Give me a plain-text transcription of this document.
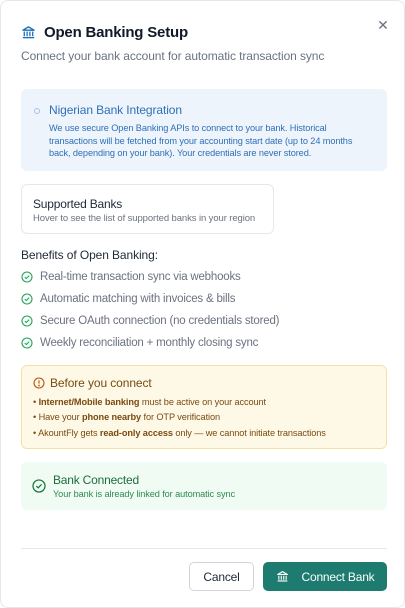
✕
Open Banking Setup
Connect your bank account for automatic transaction sync
Nigerian Bank Integration
We use secure Open Banking APIs to connect to your bank. Historical transactions will be fetched from your accounting start date (up to 24 months back, depending on your bank). Your credentials are never stored.
Supported Banks
Hover to see the list of supported banks in your region
Benefits of Open Banking:
Real-time transaction sync via webhooks
Automatic matching with invoices & bills
Secure OAuth connection (no credentials stored)
Weekly reconciliation + monthly closing sync
Before you connect
• Internet/Mobile banking must be active on your account
• Have your phone nearby for OTP verification
• AkountFly gets read-only access only — we cannot initiate transactions
Bank Connected
Your bank is already linked for automatic sync
Cancel	Connect Bank
